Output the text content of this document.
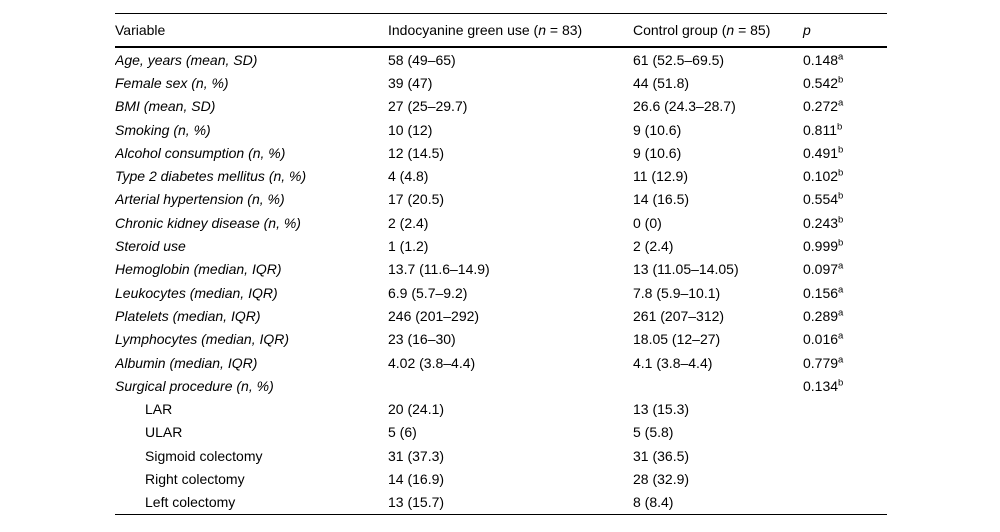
Variable	Indocyanine green use (n = 83)	Control group (n = 85)	p
Age, years (mean, SD)	58 (49–65)	61 (52.5–69.5)	0.148$^a$
Female sex (n, %)	39 (47)	44 (51.8)	0.542$^b$
BMI (mean, SD)	27 (25–29.7)	26.6 (24.3–28.7)	0.272$^a$
Smoking (n, %)	10 (12)	9 (10.6)	0.811$^b$
Alcohol consumption (n, %)	12 (14.5)	9 (10.6)	0.491$^b$
Type 2 diabetes mellitus (n, %)	4 (4.8)	11 (12.9)	0.102$^b$
Arterial hypertension (n, %)	17 (20.5)	14 (16.5)	0.554$^b$
Chronic kidney disease (n, %)	2 (2.4)	0 (0)	0.243$^b$
Steroid use	1 (1.2)	2 (2.4)	0.999$^b$
Hemoglobin (median, IQR)	13.7 (11.6–14.9)	13 (11.05–14.05)	0.097$^a$
Leukocytes (median, IQR)	6.9 (5.7–9.2)	7.8 (5.9–10.1)	0.156$^a$
Platelets (median, IQR)	246 (201–292)	261 (207–312)	0.289$^a$
Lymphocytes (median, IQR)	23 (16–30)	18.05 (12–27)	0.016$^a$
Albumin (median, IQR)	4.02 (3.8–4.4)	4.1 (3.8–4.4)	0.779$^a$
Surgical procedure (n, %)			0.134$^b$
LAR	20 (24.1)	13 (15.3)	
ULAR	5 (6)	5 (5.8)	
Sigmoid colectomy	31 (37.3)	31 (36.5)	
Right colectomy	14 (16.9)	28 (32.9)	
Left colectomy	13 (15.7)	8 (8.4)	
